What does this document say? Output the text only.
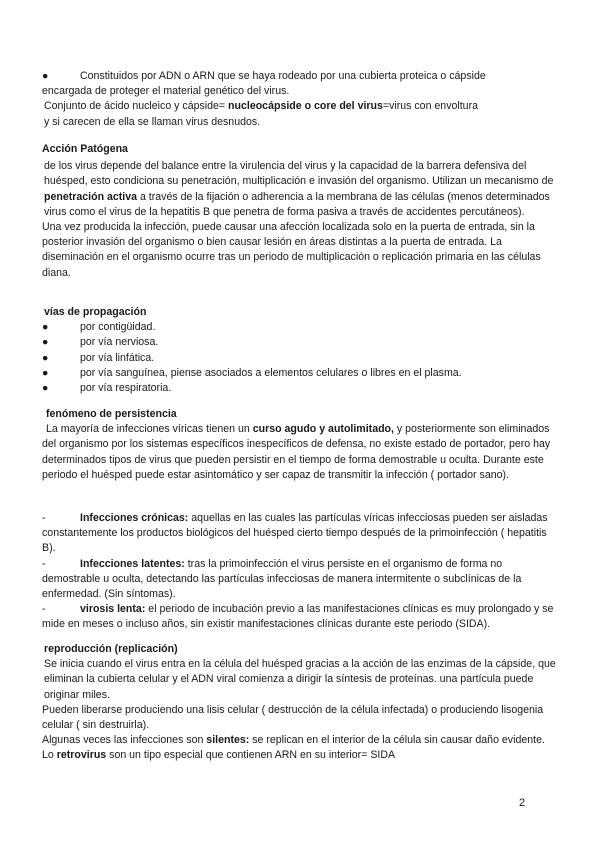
●	Constituidos por ADN o ARN que se haya rodeado por una cubierta proteica o cápside

encargada de proteger el material genético del virus.

Conjunto de ácido nucleico y cápside= nucleocápside o core del virus=virus con envoltura

y si carecen de ella se llaman virus desnudos.

Acción Patógena

de los virus depende del balance entre la virulencia del virus y la capacidad de la barrera defensiva del huésped, esto condiciona su penetración, multiplicación e invasión del organismo. Utilizan un mecanismo de penetración activa a través de la fijación o adherencia a la membrana de las células (menos determinados virus como el virus de la hepatitis B que penetra de forma pasiva a través de accidentes percutáneos).

Una vez producida la infección, puede causar una afección localizada solo en la puerta de entrada, sin la posterior invasión del organismo o bien causar lesión en áreas distintas a la puerta de entrada. La diseminación en el organismo ocurre tras un periodo de multiplicación o replicación primaria en las células diana.

vías de propagación

●	por contigüidad.
●	por vía nerviosa.
●	por vía linfática.
●	por vía sanguínea, piense asociados a elementos celulares o libres en el plasma.
●	por vía respiratoria.

fenómeno de persistencia

La mayoría de infecciones víricas tienen un curso agudo y autolimitado, y posteriormente son eliminados del organismo por los sistemas específicos inespecíficos de defensa, no existe estado de portador, pero hay determinados tipos de virus que pueden persistir en el tiempo de forma demostrable u oculta. Durante este periodo el huésped puede estar asintomático y ser capaz de transmitir la infección ( portador sano).

-	Infecciones crónicas: aquellas en las cuales las partículas víricas infecciosas pueden ser aisladas constantemente los productos biológicos del huésped cierto tiempo después de la primoinfección ( hepatitis B).

-	Infecciones latentes: tras la primoinfección el virus persiste en el organismo de forma no demostrable u oculta, detectando las partículas infecciosas de manera intermitente o subclínicas de la enfermedad. (Sin síntomas).

-	virosis lenta: el periodo de incubación previo a las manifestaciones clínicas es muy prolongado y se mide en meses o incluso años, sin existir manifestaciones clínicas durante este periodo (SIDA).

reproducción (replicación)

Se inicia cuando el virus entra en la célula del huésped gracias a la acción de las enzimas de la cápside, que eliminan la cubierta celular y el ADN viral comienza a dirigir la síntesis de proteínas. una partícula puede originar miles.

Pueden liberarse produciendo una lisis celular ( destrucción de la célula infectada) o produciendo lisogenia celular ( sin destruirla).

Algunas veces las infecciones son silentes: se replican en el interior de la célula sin causar daño evidente.

Lo retrovirus son un tipo especial que contienen ARN en su interior= SIDA

2
